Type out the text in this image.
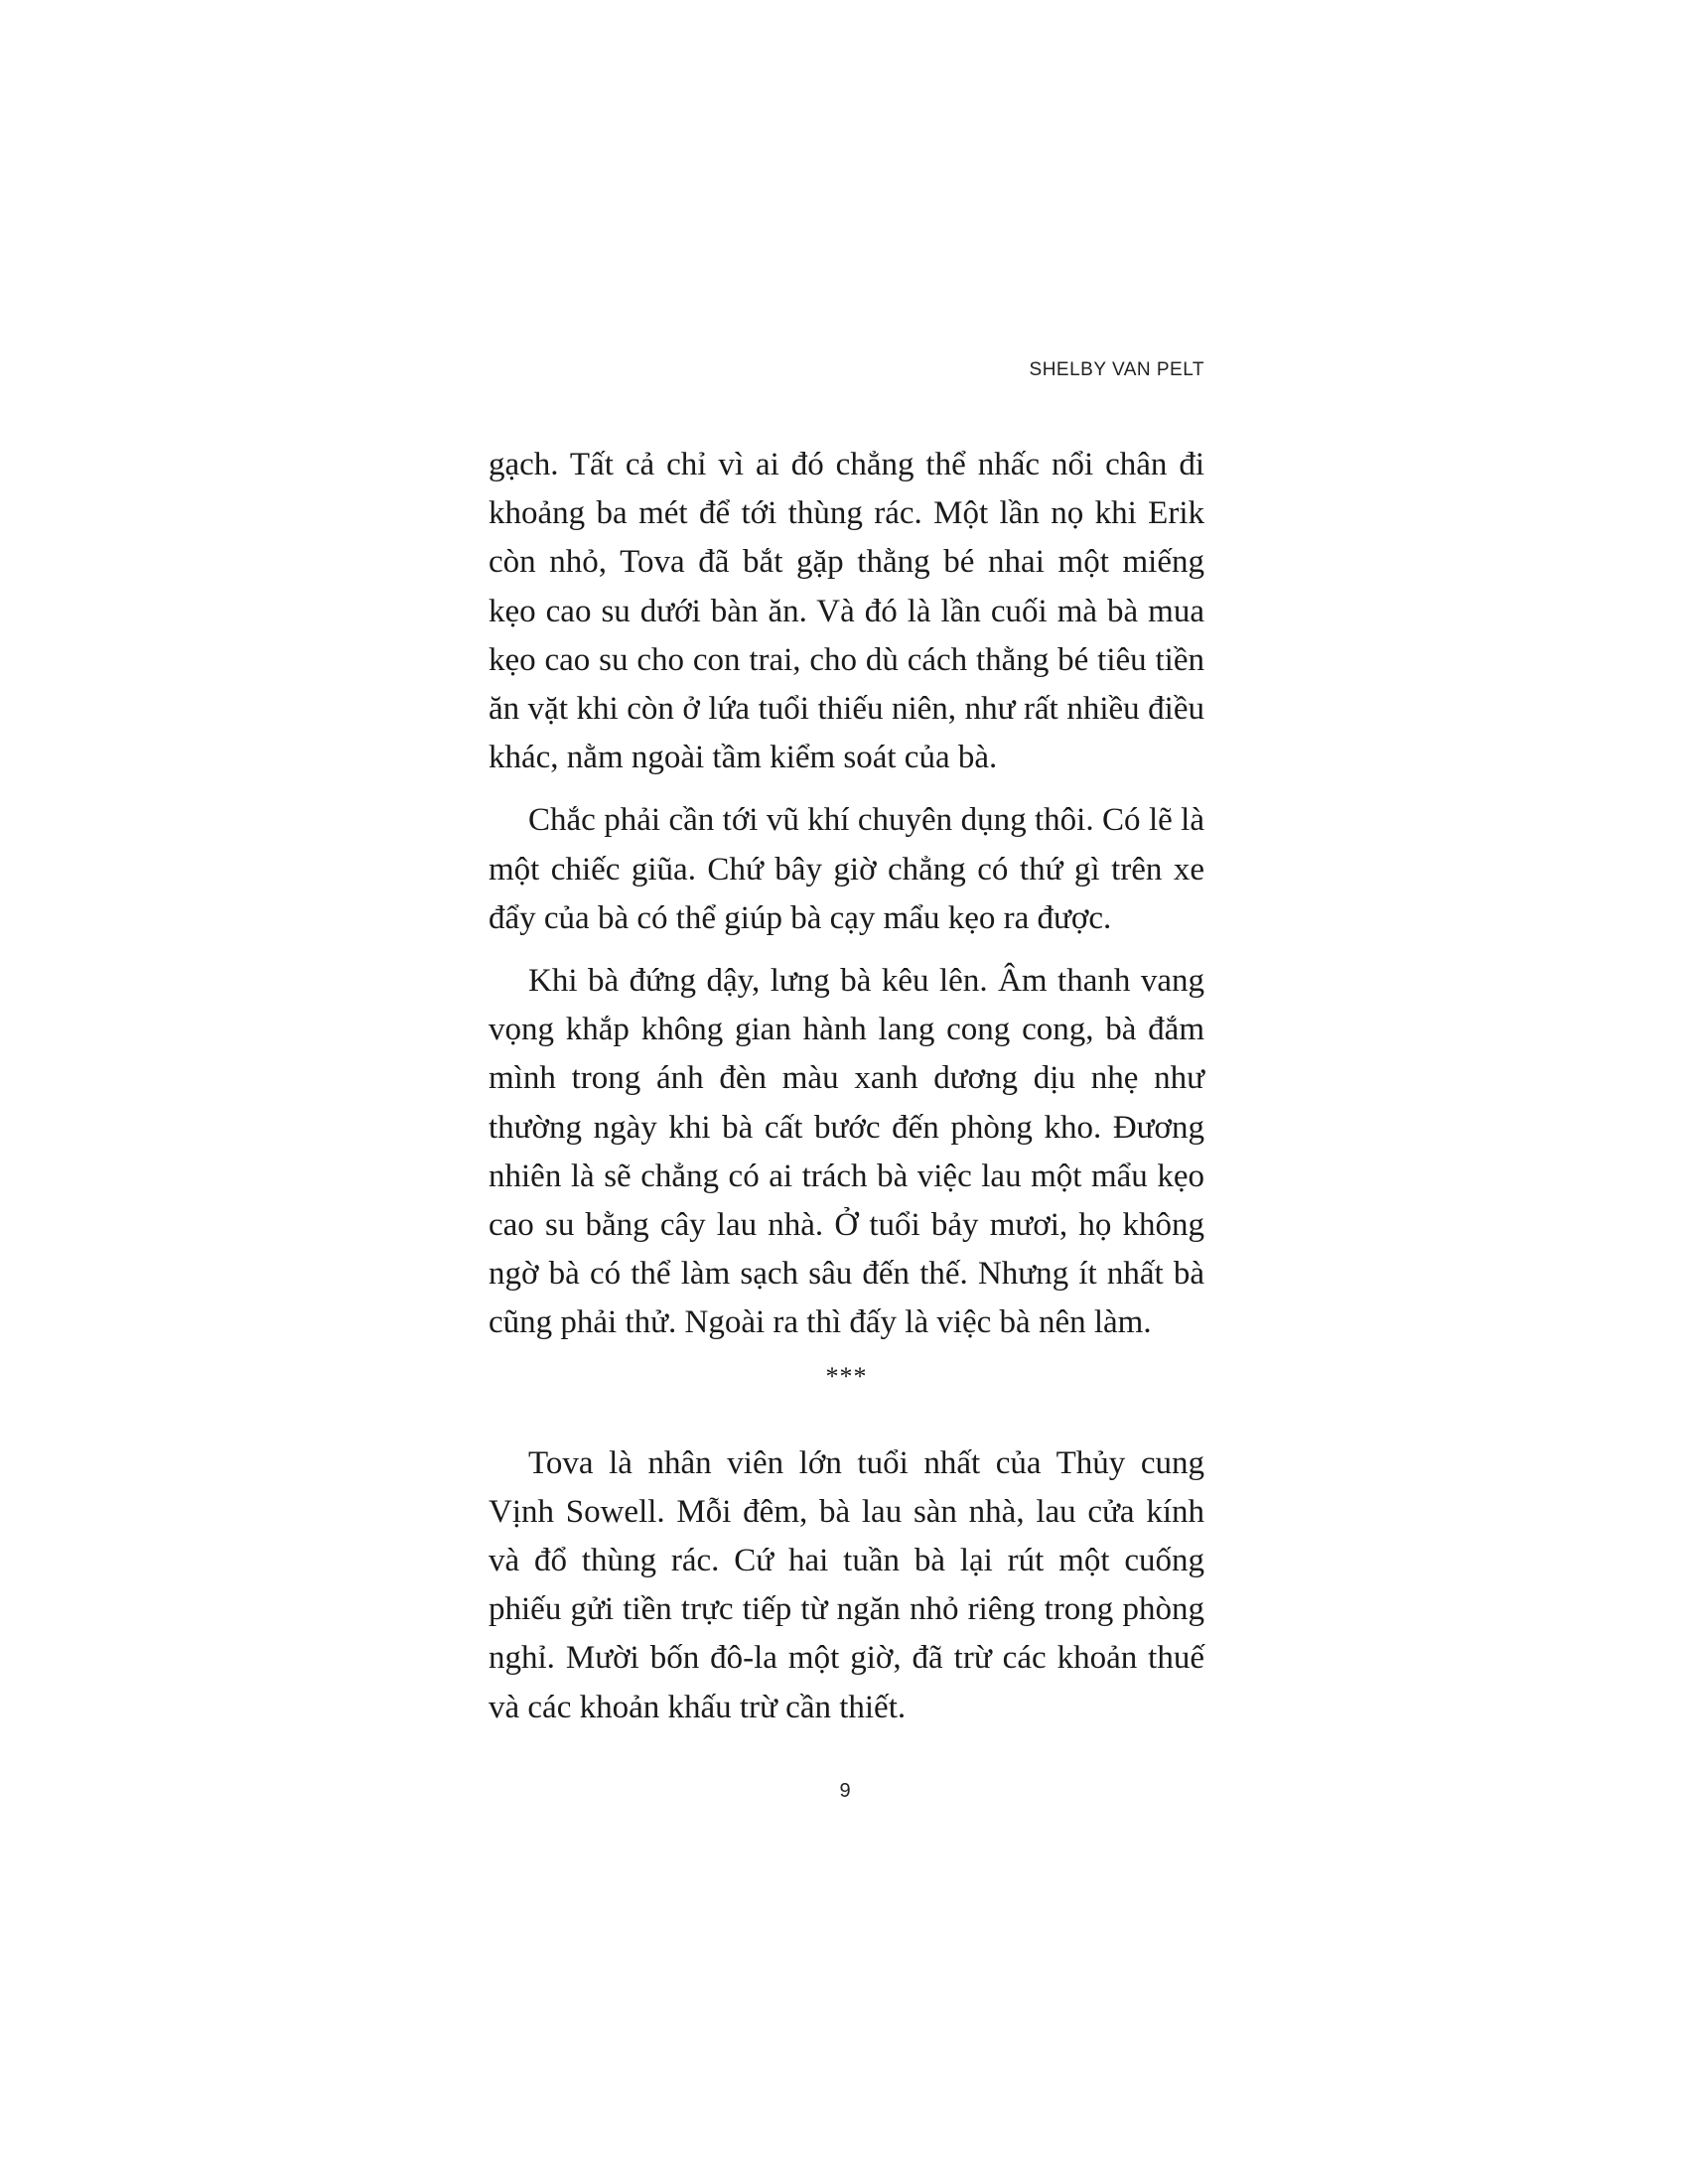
SHELBY VAN PELT

gạch. Tất cả chỉ vì ai đó chẳng thể nhấc nổi chân đi khoảng ba mét để tới thùng rác. Một lần nọ khi Erik còn nhỏ, Tova đã bắt gặp thằng bé nhai một miếng kẹo cao su dưới bàn ăn. Và đó là lần cuối mà bà mua kẹo cao su cho con trai, cho dù cách thằng bé tiêu tiền ăn vặt khi còn ở lứa tuổi thiếu niên, như rất nhiều điều khác, nằm ngoài tầm kiểm soát của bà.

Chắc phải cần tới vũ khí chuyên dụng thôi. Có lẽ là một chiếc giũa. Chứ bây giờ chẳng có thứ gì trên xe đẩy của bà có thể giúp bà cạy mẩu kẹo ra được.

Khi bà đứng dậy, lưng bà kêu lên. Âm thanh vang vọng khắp không gian hành lang cong cong, bà đắm mình trong ánh đèn màu xanh dương dịu nhẹ như thường ngày khi bà cất bước đến phòng kho. Đương nhiên là sẽ chẳng có ai trách bà việc lau một mẩu kẹo cao su bằng cây lau nhà. Ở tuổi bảy mươi, họ không ngờ bà có thể làm sạch sâu đến thế. Nhưng ít nhất bà cũng phải thử. Ngoài ra thì đấy là việc bà nên làm.

***

Tova là nhân viên lớn tuổi nhất của Thủy cung Vịnh Sowell. Mỗi đêm, bà lau sàn nhà, lau cửa kính và đổ thùng rác. Cứ hai tuần bà lại rút một cuống phiếu gửi tiền trực tiếp từ ngăn nhỏ riêng trong phòng nghỉ. Mười bốn đô-la một giờ, đã trừ các khoản thuế và các khoản khấu trừ cần thiết.

9
